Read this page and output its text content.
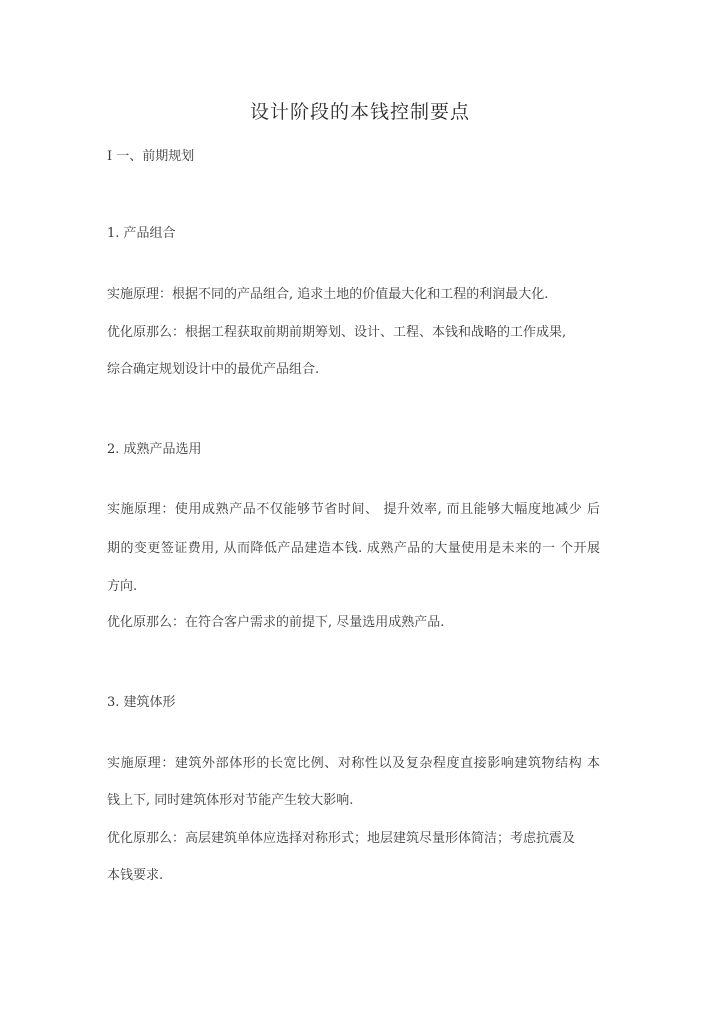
设计阶段的本钱控制要点
I 一、前期规划
1. 产品组合
实施原理：根据不同的产品组合, 追求土地的价值最大化和工程的利润最大化.
优化原那么：根据工程获取前期前期筹划、设计、工程、本钱和战略的工作成果,
综合确定规划设计中的最优产品组合.
2. 成熟产品选用
实施原理：使用成熟产品不仅能够节省时间、 提升效率, 而且能够大幅度地减少 后
期的变更签证费用, 从而降低产品建造本钱. 成熟产品的大量使用是未来的一 个开展
方向.
优化原那么：在符合客户需求的前提下, 尽量选用成熟产品.
3. 建筑体形
实施原理：建筑外部体形的长宽比例、对称性以及复杂程度直接影响建筑物结构 本
钱上下, 同时建筑体形对节能产生较大影响.
优化原那么：高层建筑单体应选择对称形式；地层建筑尽量形体简洁；考虑抗震及
本钱要求.
